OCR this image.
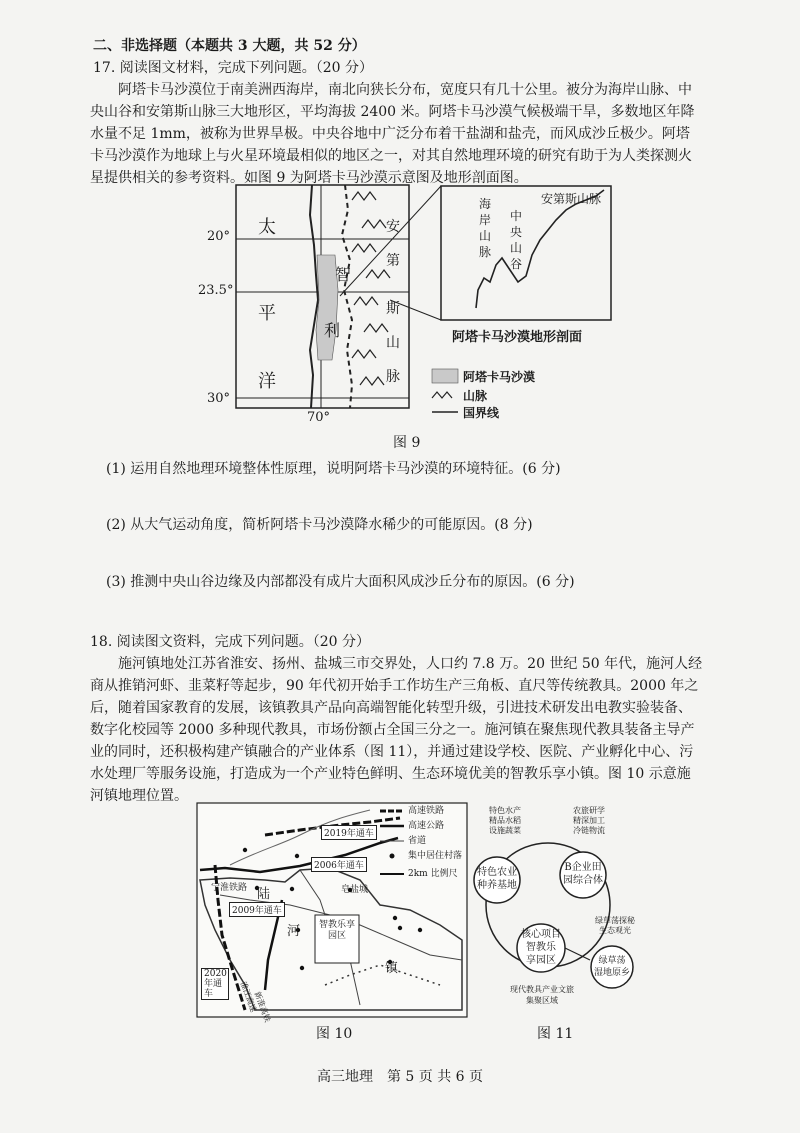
二、非选择题（本题共 3 大题，共 52 分）
17. 阅读图文材料，完成下列问题。（20 分）
阿塔卡马沙漠位于南美洲西海岸，南北向狭长分布，宽度只有几十公里。被分为海岸山脉、中
央山谷和安第斯山脉三大地形区，平均海拔 2400 米。阿塔卡马沙漠气候极端干旱，多数地区年降
水量不足 1mm，被称为世界旱极。中央谷地中广泛分布着干盐湖和盐壳，而风成沙丘极少。阿塔
卡马沙漠作为地球上与火星环境最相似的地区之一，对其自然地理环境的研究有助于为人类探测火
星提供相关的参考资料。如图 9 为阿塔卡马沙漠示意图及地形剖面图。
太
平
洋
智
利
安
第
斯
山
脉
20°
23.5°
30°
70°
海
岸
山
脉
中
央
山
谷
安第斯山脉
阿塔卡马沙漠地形剖面
阿塔卡马沙漠
山脉
国界线
图 9
(1) 运用自然地理环境整体性原理，说明阿塔卡马沙漠的环境特征。(6 分)
(2) 从大气运动角度，简析阿塔卡马沙漠降水稀少的可能原因。(8 分)
(3) 推测中央山谷边缘及内部都没有成片大面积风成沙丘分布的原因。(6 分)
18. 阅读图文资料，完成下列问题。（20 分）
施河镇地处江苏省淮安、扬州、盐城三市交界处，人口约 7.8 万。20 世纪 50 年代，施河人经
商从推销河虾、韭菜籽等起步，90 年代初开始手工作坊生产三角板、直尺等传统教具。2000 年之
后，随着国家教育的发展，该镇教具产品向高端智能化转型升级，引进技术研发出电教实验装备、
数字化校园等 2000 多种现代教具，市场份额占全国三分之一。施河镇在聚焦现代教具装备主导产
业的同时，还积极构建产镇融合的产业体系（图 11），并通过建设学校、医院、产业孵化中心、污
水处理厂等服务设施，打造成为一个产业特色鲜明、生态环境优美的智教乐享小镇。图 10 示意施
河镇地理位置。
高速铁路
高速公路
省道
集中居住村落
2km 比例尺
2019年通车
2006年通车
2009年通车
2020年通车
宁淮铁路 陆	皂盐城
河 智教乐享园区
镇
淮江高速
新淮高铁
图 10
特色水产
精品水稻
设施蔬菜
农旅研学
精深加工
冷链物流
特色农业
种养基地
B企业田
园综合体
核心项目
智教乐
享园区	绿草荡
湿地原乡
绿草荡探秘
生态观光
现代教具产业文旅
集聚区域
图 11
高三地理　第 5 页 共 6 页
